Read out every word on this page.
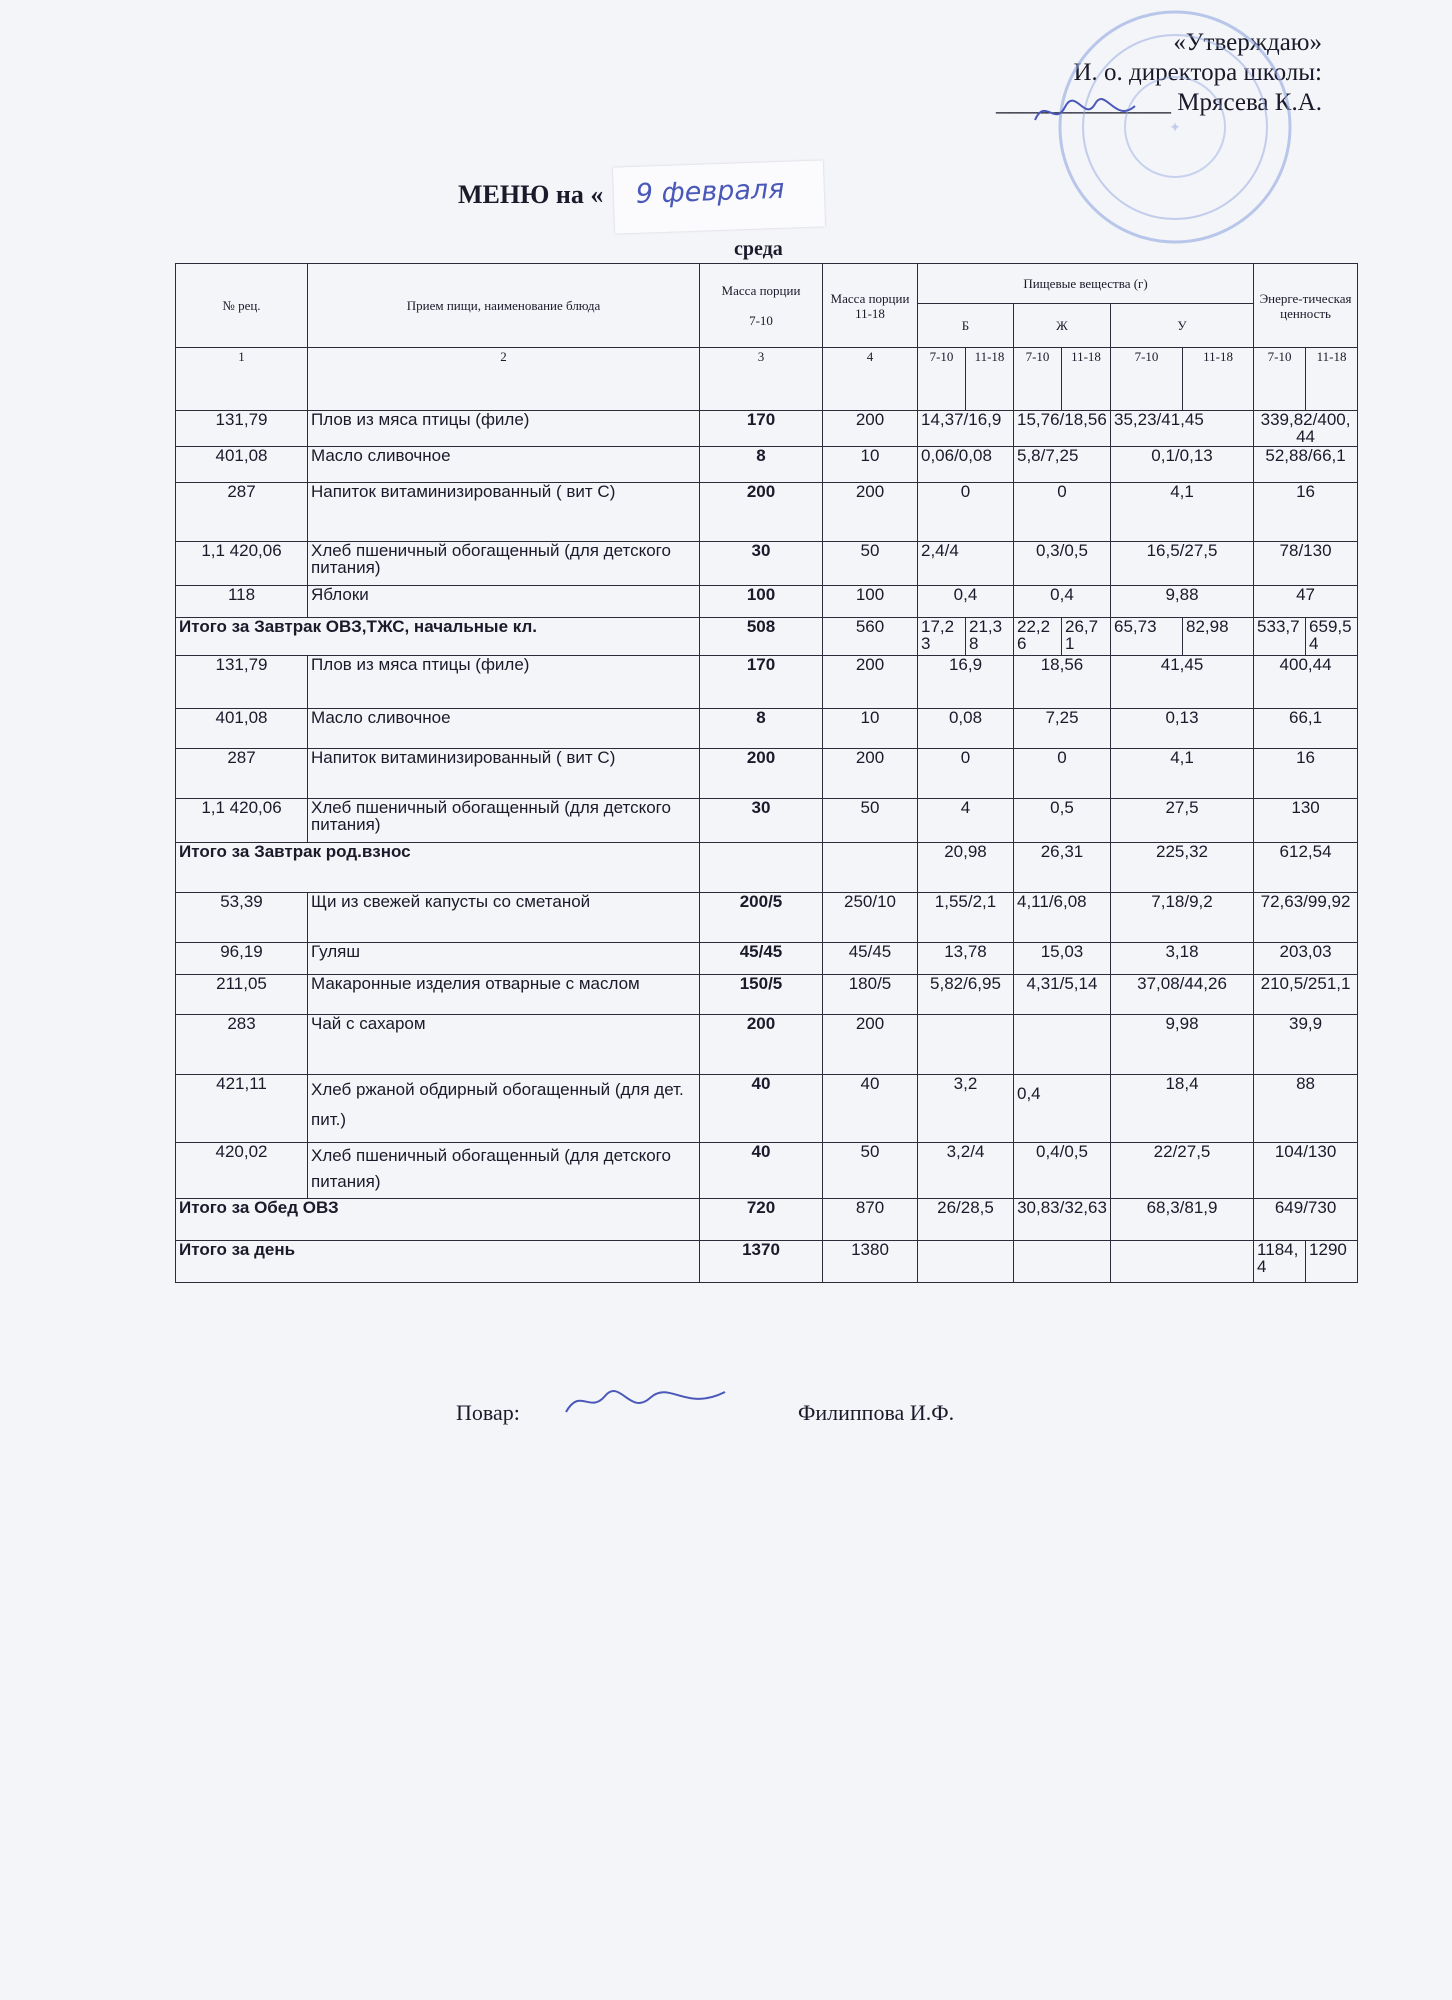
«Утверждаю»
И. о. директора школы:
______________ Мрясева К.А.
✦
МЕНЮ на «	9 февраля
среда
№ рец.	Прием пищи, наименование блюда	Масса порции

7-10	Масса порции 11-18	Пищевые вещества (г)						Энерге-тическая ценность	
				Б		Ж		У			
1	2	3	4	7-10	11-18	7-10	11-18	7-10	11-18	7-10	11-18
131,79	Плов из мяса птицы (филе)	170	200	14,37/16,9		15,76/18,56		35,23/41,45		339,82/400,44	
401,08	Масло сливочное	8	10	0,06/0,08		5,8/7,25		0,1/0,13		52,88/66,1	
287	Напиток витаминизированный ( вит С)	200	200	0		0		4,1		16	
1,1 420,06	Хлеб пшеничный обогащенный (для детского питания)	30	50	2,4/4		0,3/0,5		16,5/27,5		78/130	
118	Яблоки	100	100	0,4		0,4		9,88		47	
Итого за Завтрак ОВЗ,ТЖС, начальные кл.		508	560	17,23	21,38	22,26	26,71	65,73	82,98	533,7	659,54
131,79	Плов из мяса птицы (филе)	170	200	16,9		18,56		41,45		400,44	
401,08	Масло сливочное	8	10	0,08		7,25		0,13		66,1	
287	Напиток витаминизированный ( вит С)	200	200	0		0		4,1		16	
1,1 420,06	Хлеб пшеничный обогащенный (для детского питания)	30	50	4		0,5		27,5		130	
Итого за Завтрак род.взнос				20,98		26,31		225,32		612,54	
53,39	Щи из свежей капусты со сметаной	200/5	250/10	1,55/2,1		4,11/6,08		7,18/9,2		72,63/99,92	
96,19	Гуляш	45/45	45/45	13,78		15,03		3,18		203,03	
211,05	Макаронные изделия отварные с маслом	150/5	180/5	5,82/6,95		4,31/5,14		37,08/44,26		210,5/251,1	
283	Чай с сахаром	200	200					9,98		39,9	
421,11	Хлеб ржаной обдирный обогащенный (для дет. пит.)	40	40	3,2		0,4		18,4		88	
420,02	Хлеб пшеничный обогащенный (для детского питания)	40	50	3,2/4		0,4/0,5		22/27,5		104/130	
Итого за Обед ОВЗ		720	870	26/28,5		30,83/32,63		68,3/81,9		649/730	
Итого за день		1370	1380							1184,4	1290
Повар:	Филиппова И.Ф.
